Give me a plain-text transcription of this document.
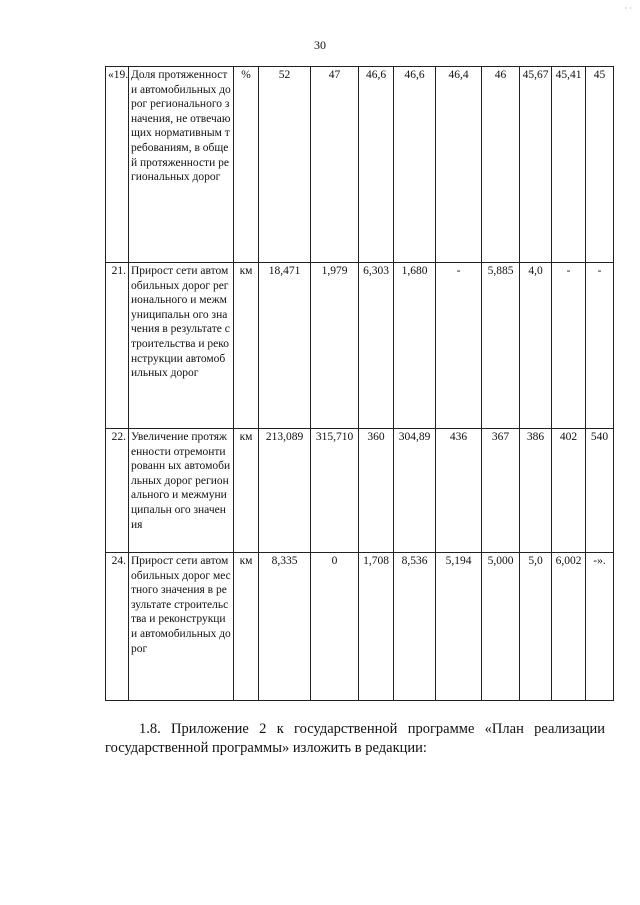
· ·
30
«19.	Доля протяженности автомобильных дорог регионального значения, не отвечающих нормативным требованиям, в общей протяженности региональных дорог	%	52	47	46,6	46,6	46,4	46	45,67	45,41	45
21.	Прирост сети автомобильных дорог регионального и межмуниципальн ого значения в результате строительства и реконструкции автомобильных дорог	км	18,471	1,979	6,303	1,680	-	5,885	4,0	-	-
22.	Увеличение протяженности отремонтированн ых автомобильных дорог регионального и межмуниципальн ого значения	км	213,089	315,710	360	304,89	436	367	386	402	540
24.	Прирост сети автомобильных дорог местного значения в результате строительства и реконструкции автомобильных дорог	км	8,335	0	1,708	8,536	5,194	5,000	5,0	6,002	-».
1.8. Приложение 2 к государственной программе «План реализации государственной программы» изложить в редакции:
